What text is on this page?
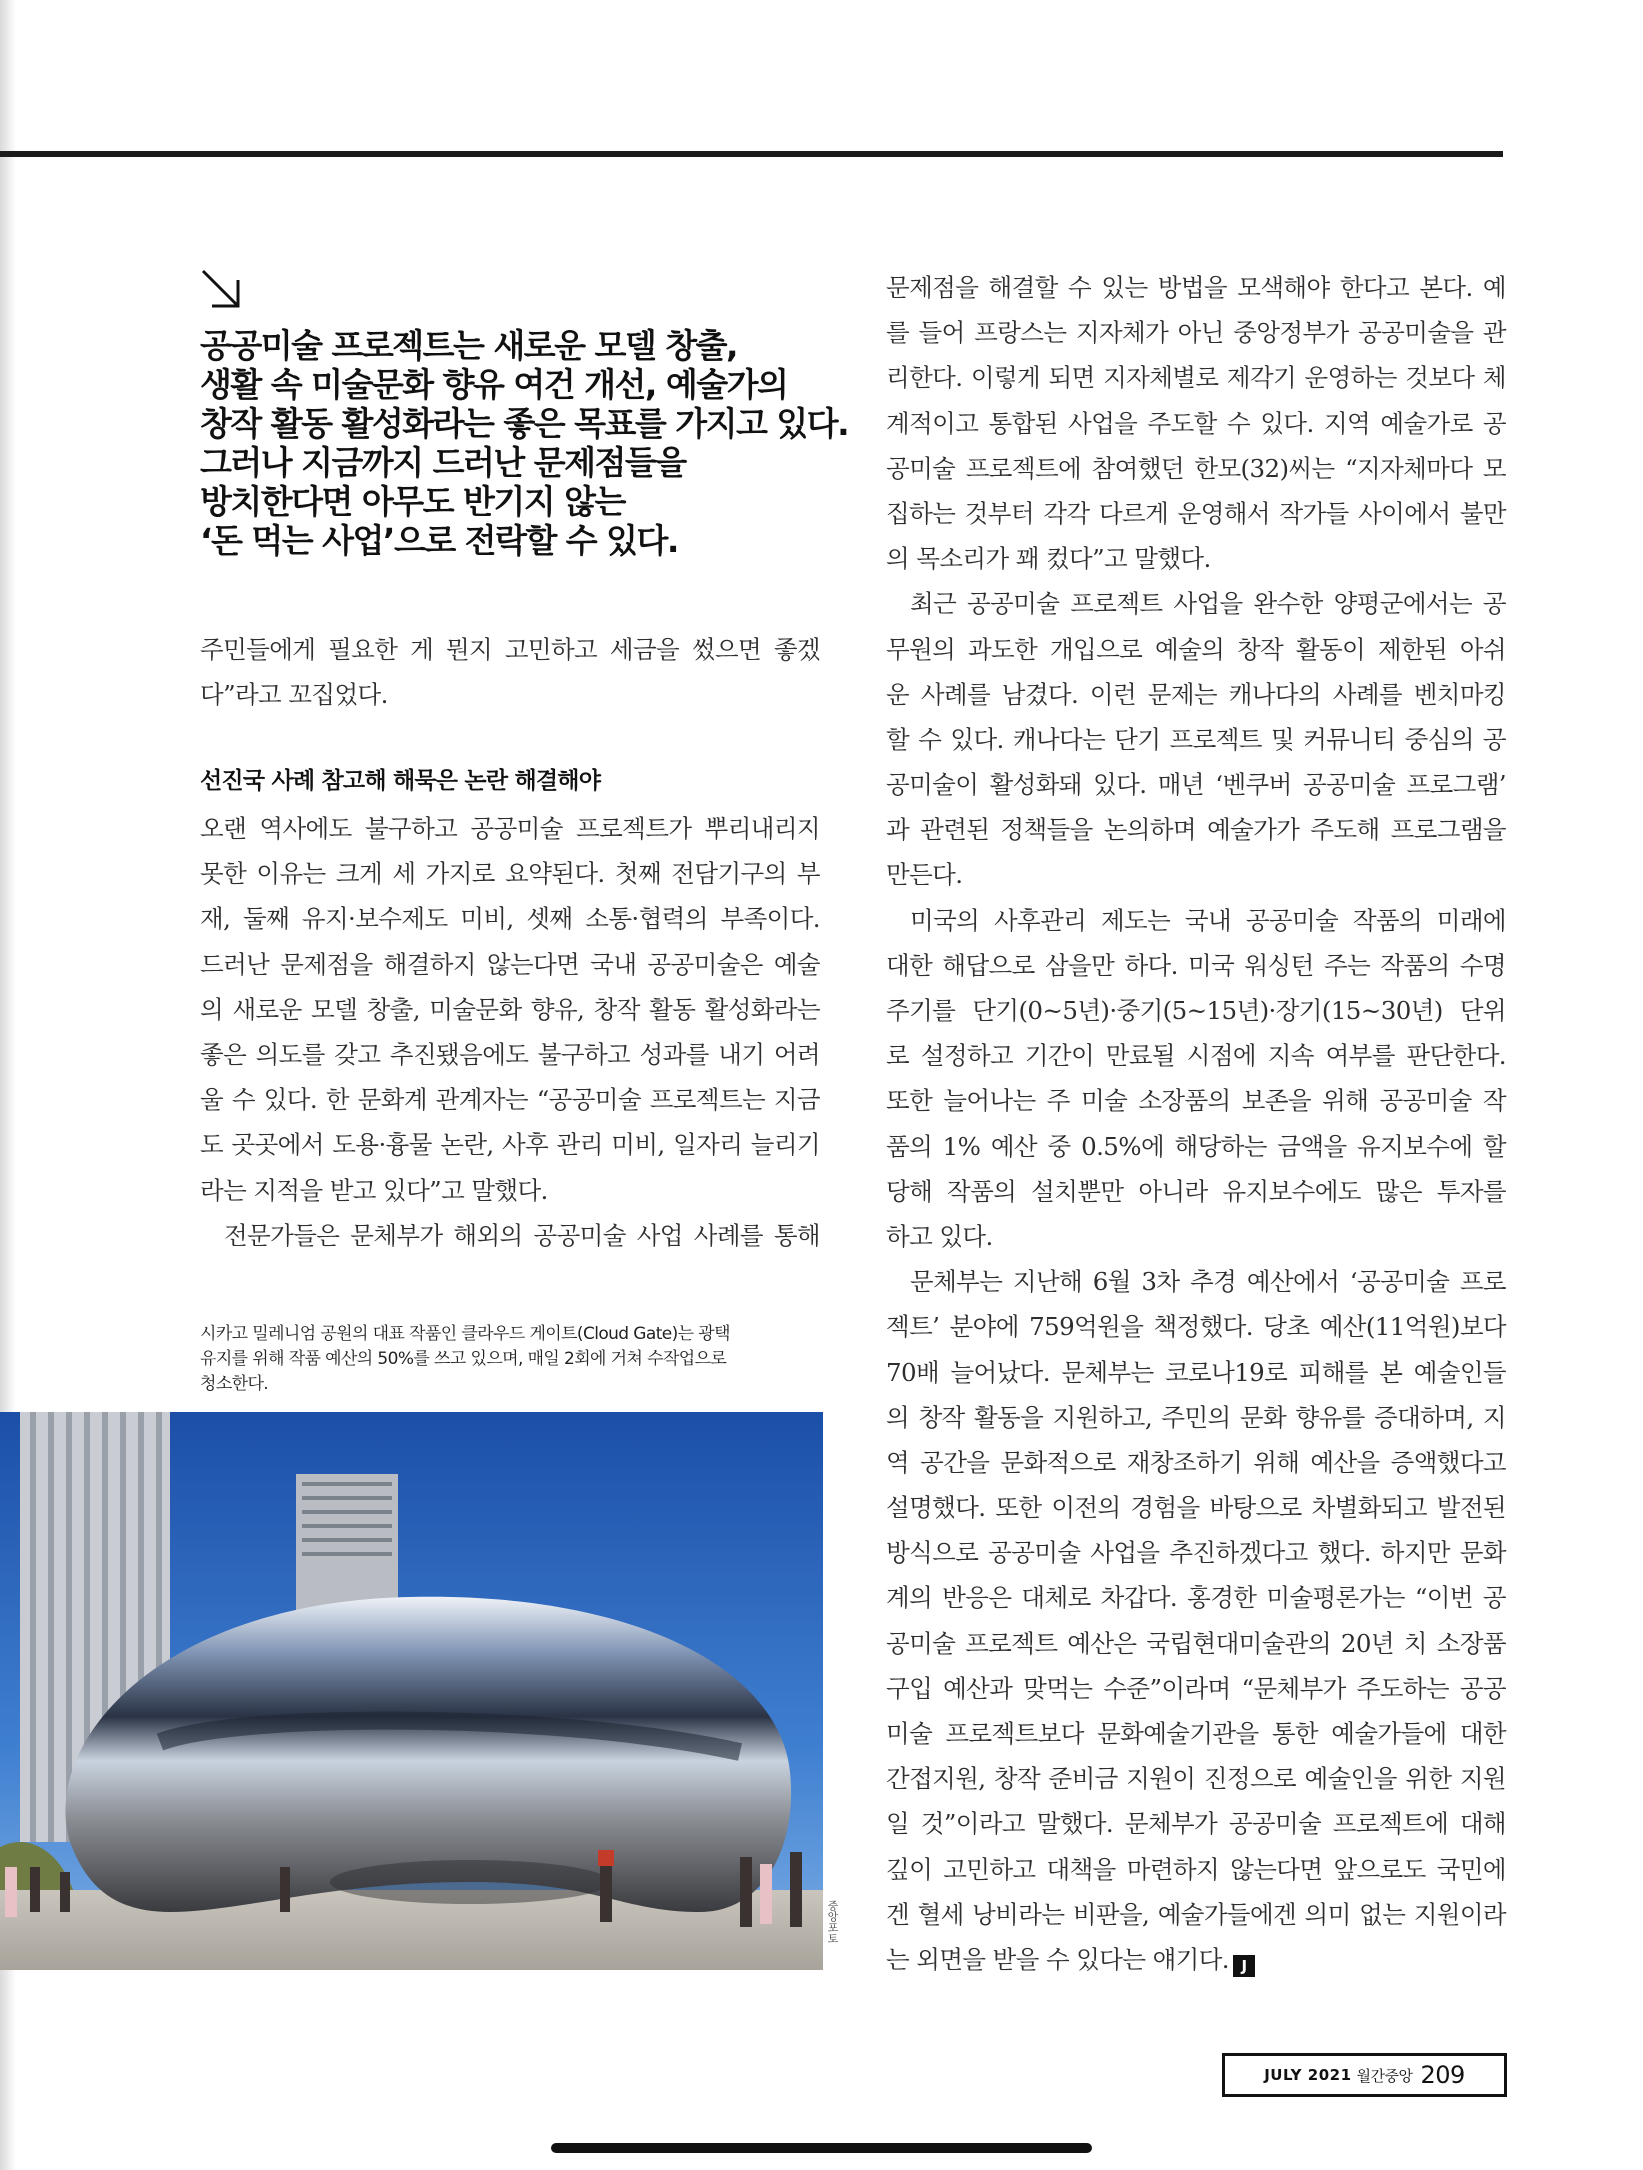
공공미술 프로젝트는 새로운 모델 창출,
생활 속 미술문화 향유 여건 개선, 예술가의
창작 활동 활성화라는 좋은 목표를 가지고 있다.
그러나 지금까지 드러난 문제점들을
방치한다면 아무도 반기지 않는
‘돈 먹는 사업’으로 전락할 수 있다.
주민들에게 필요한 게 뭔지 고민하고 세금을 썼으면 좋겠
다”라고 꼬집었다.
선진국 사례 참고해 해묵은 논란 해결해야
오랜 역사에도 불구하고 공공미술 프로젝트가 뿌리내리지
못한 이유는 크게 세 가지로 요약된다. 첫째 전담기구의 부
재, 둘째 유지·보수제도 미비, 셋째 소통·협력의 부족이다.
드러난 문제점을 해결하지 않는다면 국내 공공미술은 예술
의 새로운 모델 창출, 미술문화 향유, 창작 활동 활성화라는
좋은 의도를 갖고 추진됐음에도 불구하고 성과를 내기 어려
울 수 있다. 한 문화계 관계자는 “공공미술 프로젝트는 지금
도 곳곳에서 도용·흉물 논란, 사후 관리 미비, 일자리 늘리기
라는 지적을 받고 있다”고 말했다.
전문가들은 문체부가 해외의 공공미술 사업 사례를 통해
시카고 밀레니엄 공원의 대표 작품인 클라우드 게이트(Cloud Gate)는 광택
유지를 위해 작품 예산의 50%를 쓰고 있으며, 매일 2회에 거쳐 수작업으로
청소한다.
중앙포토
문제점을 해결할 수 있는 방법을 모색해야 한다고 본다. 예
를 들어 프랑스는 지자체가 아닌 중앙정부가 공공미술을 관
리한다. 이렇게 되면 지자체별로 제각기 운영하는 것보다 체
계적이고 통합된 사업을 주도할 수 있다. 지역 예술가로 공
공미술 프로젝트에 참여했던 한모(32)씨는 “지자체마다 모
집하는 것부터 각각 다르게 운영해서 작가들 사이에서 불만
의 목소리가 꽤 컸다”고 말했다.
최근 공공미술 프로젝트 사업을 완수한 양평군에서는 공
무원의 과도한 개입으로 예술의 창작 활동이 제한된 아쉬
운 사례를 남겼다. 이런 문제는 캐나다의 사례를 벤치마킹
할 수 있다. 캐나다는 단기 프로젝트 및 커뮤니티 중심의 공
공미술이 활성화돼 있다. 매년 ‘벤쿠버 공공미술 프로그램’
과 관련된 정책들을 논의하며 예술가가 주도해 프로그램을
만든다.
미국의 사후관리 제도는 국내 공공미술 작품의 미래에
대한 해답으로 삼을만 하다. 미국 워싱턴 주는 작품의 수명
주기를 단기(0~5년)·중기(5~15년)·장기(15~30년) 단위
로 설정하고 기간이 만료될 시점에 지속 여부를 판단한다.
또한 늘어나는 주 미술 소장품의 보존을 위해 공공미술 작
품의 1% 예산 중 0.5%에 해당하는 금액을 유지보수에 할
당해 작품의 설치뿐만 아니라 유지보수에도 많은 투자를
하고 있다.
문체부는 지난해 6월 3차 추경 예산에서 ‘공공미술 프로
젝트’ 분야에 759억원을 책정했다. 당초 예산(11억원)보다
70배 늘어났다. 문체부는 코로나19로 피해를 본 예술인들
의 창작 활동을 지원하고, 주민의 문화 향유를 증대하며, 지
역 공간을 문화적으로 재창조하기 위해 예산을 증액했다고
설명했다. 또한 이전의 경험을 바탕으로 차별화되고 발전된
방식으로 공공미술 사업을 추진하겠다고 했다. 하지만 문화
계의 반응은 대체로 차갑다. 홍경한 미술평론가는 “이번 공
공미술 프로젝트 예산은 국립현대미술관의 20년 치 소장품
구입 예산과 맞먹는 수준”이라며 “문체부가 주도하는 공공
미술 프로젝트보다 문화예술기관을 통한 예술가들에 대한
간접지원, 창작 준비금 지원이 진정으로 예술인을 위한 지원
일 것”이라고 말했다. 문체부가 공공미술 프로젝트에 대해
깊이 고민하고 대책을 마련하지 않는다면 앞으로도 국민에
겐 혈세 낭비라는 비판을, 예술가들에겐 의미 없는 지원이라
는 외면을 받을 수 있다는 얘기다. J
JULY 2021 월간중앙 209
